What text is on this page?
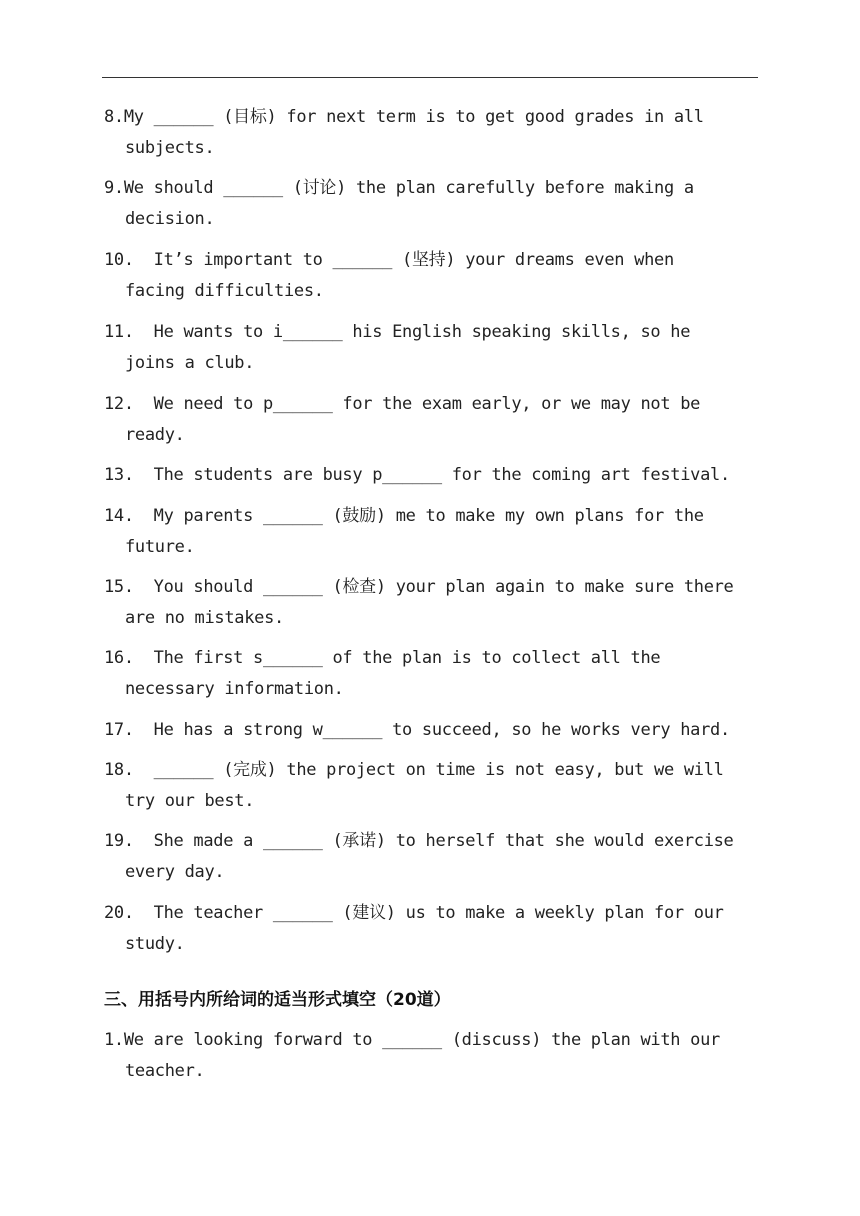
8.My ______ (目标) for next term is to get good grades in all
subjects.
9.We should ______ (讨论) the plan carefully before making a
decision.
10.  It’s important to ______ (坚持) your dreams even when
facing difficulties.
11.  He wants to i______ his English speaking skills, so he
joins a club.
12.  We need to p______ for the exam early, or we may not be
ready.
13.  The students are busy p______ for the coming art festival.
14.  My parents ______ (鼓励) me to make my own plans for the
future.
15.  You should ______ (检查) your plan again to make sure there
are no mistakes.
16.  The first s______ of the plan is to collect all the
necessary information.
17.  He has a strong w______ to succeed, so he works very hard.
18.  ______ (完成) the project on time is not easy, but we will
try our best.
19.  She made a ______ (承诺) to herself that she would exercise
every day.
20.  The teacher ______ (建议) us to make a weekly plan for our
study.
三、用括号内所给词的适当形式填空（20道）
1.We are looking forward to ______ (discuss) the plan with our
teacher.
